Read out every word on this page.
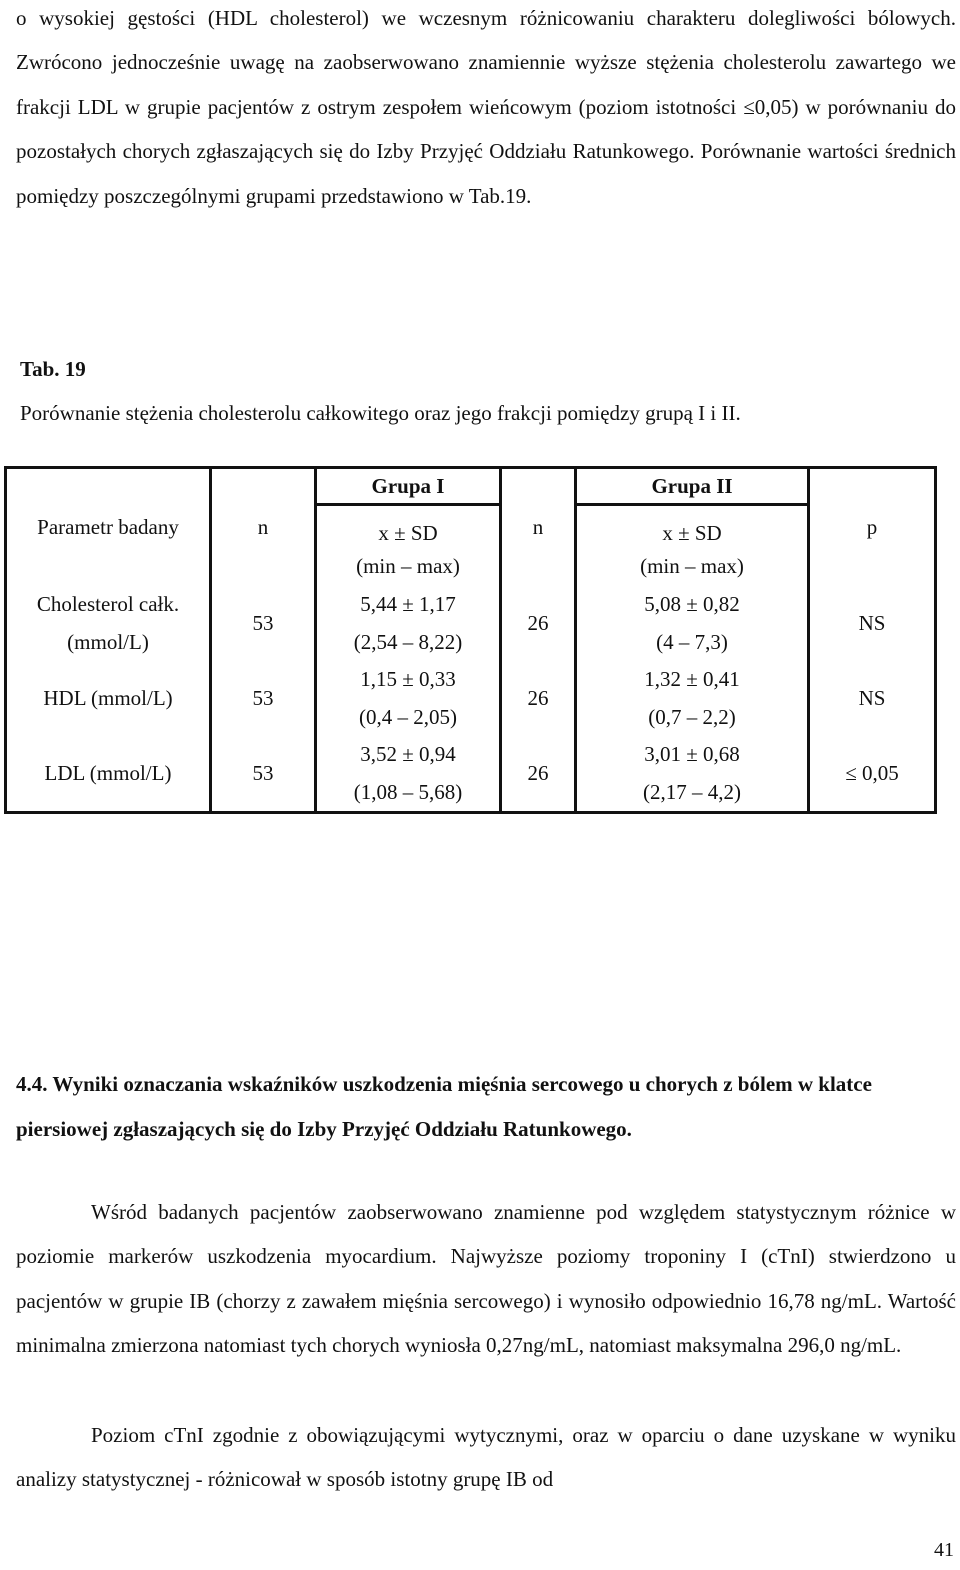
o wysokiej gęstości (HDL cholesterol) we wczesnym różnicowaniu charakteru dolegliwości bólowych. Zwrócono jednocześnie uwagę na zaobserwowano znamiennie wyższe stężenia cholesterolu zawartego we frakcji LDL w grupie pacjentów z ostrym zespołem wieńcowym (poziom istotności ≤0,05) w porównaniu do pozostałych chorych zgłaszających się do Izby Przyjęć Oddziału Ratunkowego. Porównanie wartości średnich pomiędzy poszczególnymi grupami przedstawiono w Tab.19.

Tab. 19

Porównanie stężenia cholesterolu całkowitego oraz jego frakcji pomiędzy grupą I i II.

Parametr badany	n	Grupa I	n	Grupa II	p
		x ± SD		x ± SD	
		(min – max)		(min – max)	
Cholesterol całk.	53	5,44 ± 1,17	26	5,08 ± 0,82	NS
(mmol/L)		(2,54 – 8,22)		(4 – 7,3)	
HDL (mmol/L)	53	1,15 ± 0,33	26	1,32 ± 0,41	NS
		(0,4 – 2,05)		(0,7 – 2,2)	
LDL (mmol/L)	53	3,52 ± 0,94	26	3,01 ± 0,68	≤ 0,05
		(1,08 – 5,68)		(2,17 – 4,2)	

4.4. Wyniki oznaczania wskaźników uszkodzenia mięśnia sercowego u chorych z bólem w klatce piersiowej zgłaszających się do Izby Przyjęć Oddziału Ratunkowego.

Wśród badanych pacjentów zaobserwowano znamienne pod względem statystycznym różnice w poziomie markerów uszkodzenia myocardium. Najwyższe poziomy troponiny I (cTnI) stwierdzono u pacjentów w grupie IB (chorzy z zawałem mięśnia sercowego) i wynosiło odpowiednio 16,78 ng/mL. Wartość minimalna zmierzona natomiast tych chorych wyniosła 0,27ng/mL, natomiast maksymalna 296,0 ng/mL.

Poziom cTnI zgodnie z obowiązującymi wytycznymi, oraz w oparciu o dane uzyskane w wyniku analizy statystycznej - różnicował w sposób istotny grupę IB od

41
